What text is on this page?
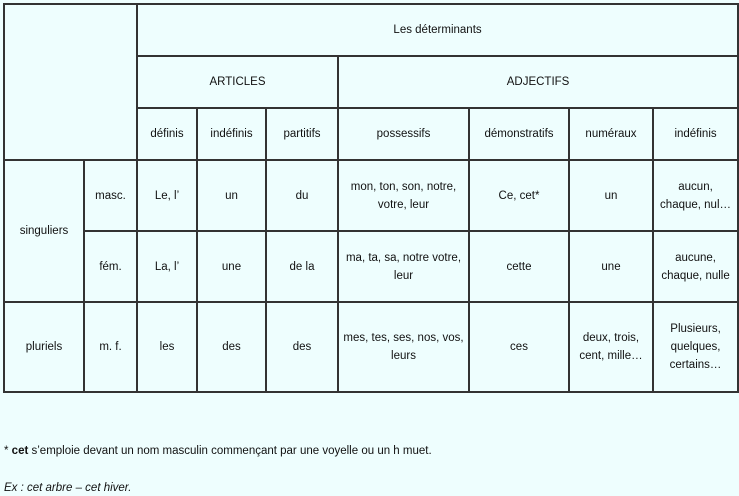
		Les déterminants						
		ARTICLES			ADJECTIFS			
		définis	indéfinis	partitifs	possessifs	démonstratifs	numéraux	indéfinis
singuliers	masc.	Le, l’	un	du	mon, ton, son, notre, votre, leur	Ce, cet*	un	aucun, chaque, nul…
	fém.	La, l’	une	de la	ma, ta, sa, notre votre, leur	cette	une	aucune, chaque, nulle
pluriels	m. f.	les	des	des	mes, tes, ses, nos, vos, leurs	ces	deux, trois, cent, mille…	Plusieurs, quelques, certains…
* cet s’emploie devant un nom masculin commençant par une voyelle ou un h muet.
Ex : cet arbre – cet hiver.
